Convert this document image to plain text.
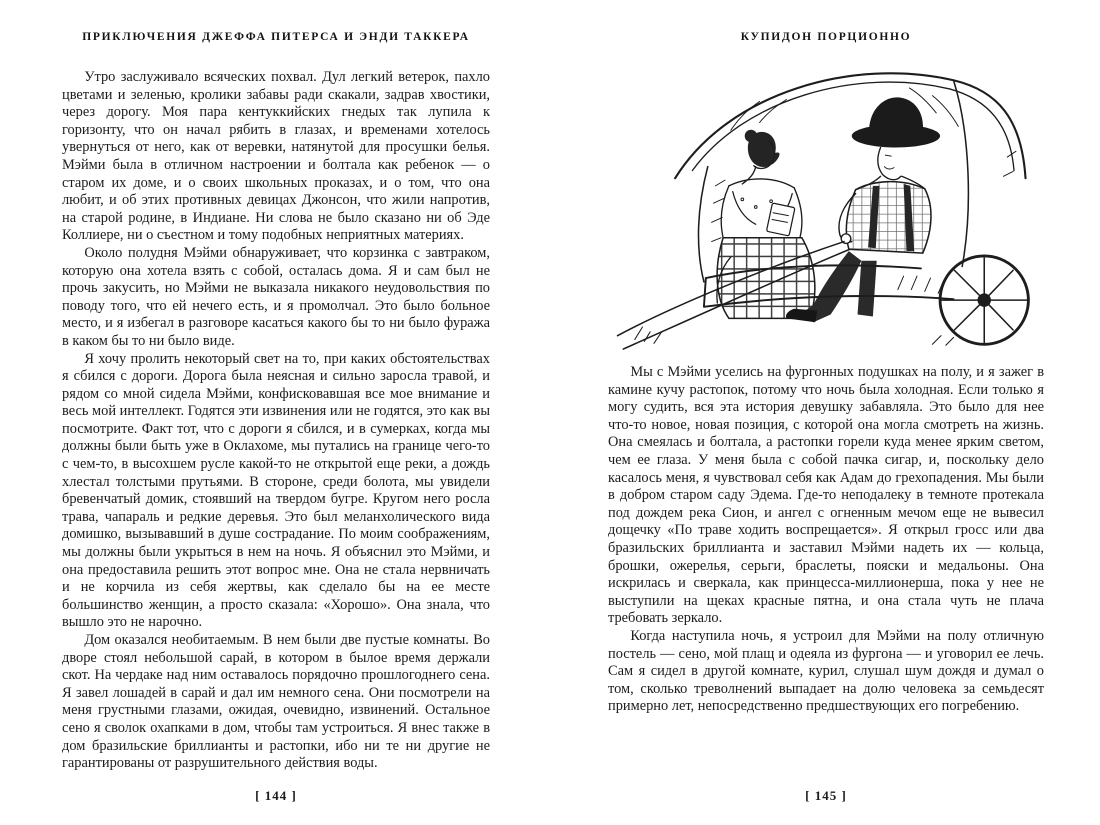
ПРИКЛЮЧЕНИЯ ДЖЕФФА ПИТЕРСА И ЭНДИ ТАККЕРА

Утро заслуживало всяческих похвал. Дул легкий ветерок, пахло цветами и зеленью, кролики забавы ради скакали, задрав хвостики, через дорогу. Моя пара кентуккийских гнедых так лупила к горизонту, что он начал рябить в глазах, и временами хотелось увернуться от него, как от веревки, натянутой для просушки белья. Мэйми была в отличном настроении и болтала как ребенок — о старом их доме, и о своих школьных проказах, и о том, что она любит, и об этих противных девицах Джонсон, что жили напротив, на старой родине, в Индиане. Ни слова не было сказано ни об Эде Коллиере, ни о съестном и тому подобных неприятных материях.

Около полудня Мэйми обнаруживает, что корзинка с завтраком, которую она хотела взять с собой, осталась дома. Я и сам был не прочь закусить, но Мэйми не выказала никакого неудовольствия по поводу того, что ей нечего есть, и я промолчал. Это было больное место, и я избегал в разговоре касаться какого бы то ни было фуража в каком бы то ни было виде.

Я хочу пролить некоторый свет на то, при каких обстоятельствах я сбился с дороги. Дорога была неясная и сильно заросла травой, и рядом со мной сидела Мэйми, конфисковавшая все мое внимание и весь мой интеллект. Годятся эти извинения или не годятся, это как вы посмотрите. Факт тот, что с дороги я сбился, и в сумерках, когда мы должны были быть уже в Оклахоме, мы путались на границе чего-то с чем-то, в высохшем русле какой-то не открытой еще реки, а дождь хлестал толстыми прутьями. В стороне, среди болота, мы увидели бревенчатый домик, стоявший на твердом бугре. Кругом него росла трава, чапараль и редкие деревья. Это был меланхолического вида домишко, вызывавший в душе сострадание. По моим соображениям, мы должны были укрыться в нем на ночь. Я объяснил это Мэйми, и она предоставила решить этот вопрос мне. Она не стала нервничать и не корчила из себя жертвы, как сделало бы на ее месте большинство женщин, а просто сказала: «Хорошо». Она знала, что вышло это не нарочно.

Дом оказался необитаемым. В нем были две пустые комнаты. Во дворе стоял небольшой сарай, в котором в былое время держали скот. На чердаке над ним оставалось порядочно прошлогоднего сена. Я завел лошадей в сарай и дал им немного сена. Они посмотрели на меня грустными глазами, ожидая, очевидно, извинений. Остальное сено я сволок охапками в дом, чтобы там устроиться. Я внес также в дом бразильские бриллианты и растопки, ибо ни те ни другие не гарантированы от разрушительного действия воды.

[ 144 ]
КУПИДОН ПОРЦИОННО

Мы с Мэйми уселись на фургонных подушках на полу, и я зажег в камине кучу растопок, потому что ночь была холодная. Если только я могу судить, вся эта история девушку забавляла. Это было для нее что-то новое, новая позиция, с которой она могла смотреть на жизнь. Она смеялась и болтала, а растопки горели куда менее ярким светом, чем ее глаза. У меня была с собой пачка сигар, и, поскольку дело касалось меня, я чувствовал себя как Адам до грехопадения. Мы были в добром старом саду Эдема. Где-то неподалеку в темноте протекала под дождем река Сион, и ангел с огненным мечом еще не вывесил дощечку «По траве ходить воспрещается». Я открыл гросс или два бразильских бриллианта и заставил Мэйми надеть их — кольца, брошки, ожерелья, серьги, браслеты, пояски и медальоны. Она искрилась и сверкала, как принцесса-миллионерша, пока у нее не выступили на щеках красные пятна, и она стала чуть не плача требовать зеркало.

Когда наступила ночь, я устроил для Мэйми на полу отличную постель — сено, мой плащ и одеяла из фургона — и уговорил ее лечь. Сам я сидел в другой комнате, курил, слушал шум дождя и думал о том, сколько треволнений выпадает на долю человека за семьдесят примерно лет, непосредственно предшествующих его погребению.

[ 145 ]
